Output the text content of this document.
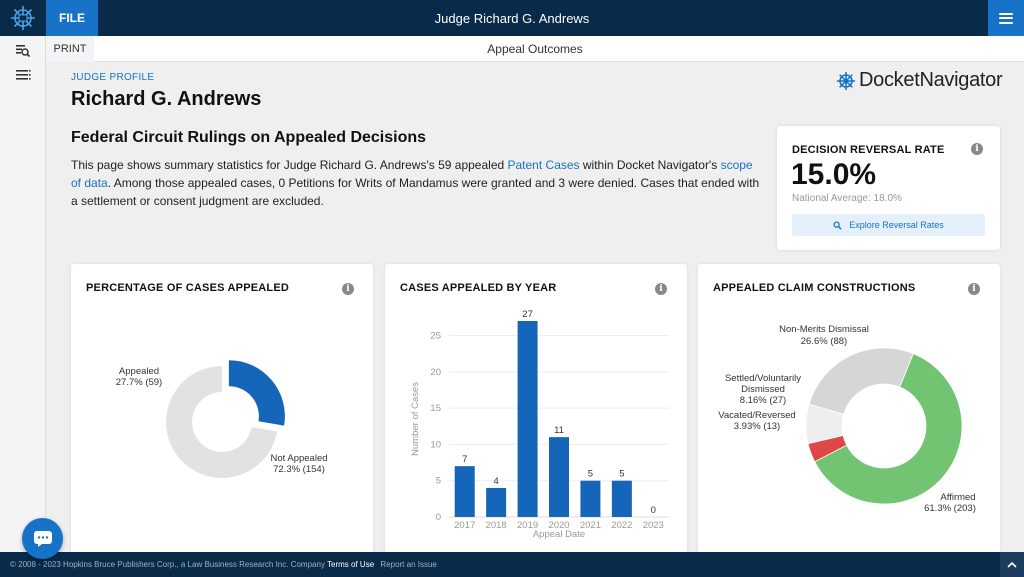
FILE	Judge Richard G. Andrews
PRINT	Appeal Outcomes
JUDGE PROFILE
Richard G. Andrews
DocketNavigator
Federal Circuit Rulings on Appealed Decisions
This page shows summary statistics for Judge Richard G. Andrews's 59 appealed Patent Cases within Docket Navigator's scope of data. Among those appealed cases, 0 Petitions for Writs of Mandamus were granted and 3 were denied. Cases that ended with a settlement or consent judgment are excluded.
DECISION REVERSAL RATE	i
15.0%
National Average: 18.0%
Explore Reversal Rates
PERCENTAGE OF CASES APPEALED	i
Appealed
27.7% (59)
Not Appealed
72.3% (154)
CASES APPEALED BY YEAR	i
0
5
10
15
20
25
7
2017
4
2018
27
2019
11
2020
5
2021
5
2022
0
2023
Appeal Date
Number of Cases
APPEALED CLAIM CONSTRUCTIONS	i
Affirmed
61.3% (203)
Vacated/Reversed
3.93% (13)
Settled/Voluntarily
Dismissed
8.16% (27)
Non-Merits Dismissal
26.6% (88)
© 2008 - 2023 Hopkins Bruce Publishers Corp., a Law Business Research Inc. Company Terms of Use Report an Issue
